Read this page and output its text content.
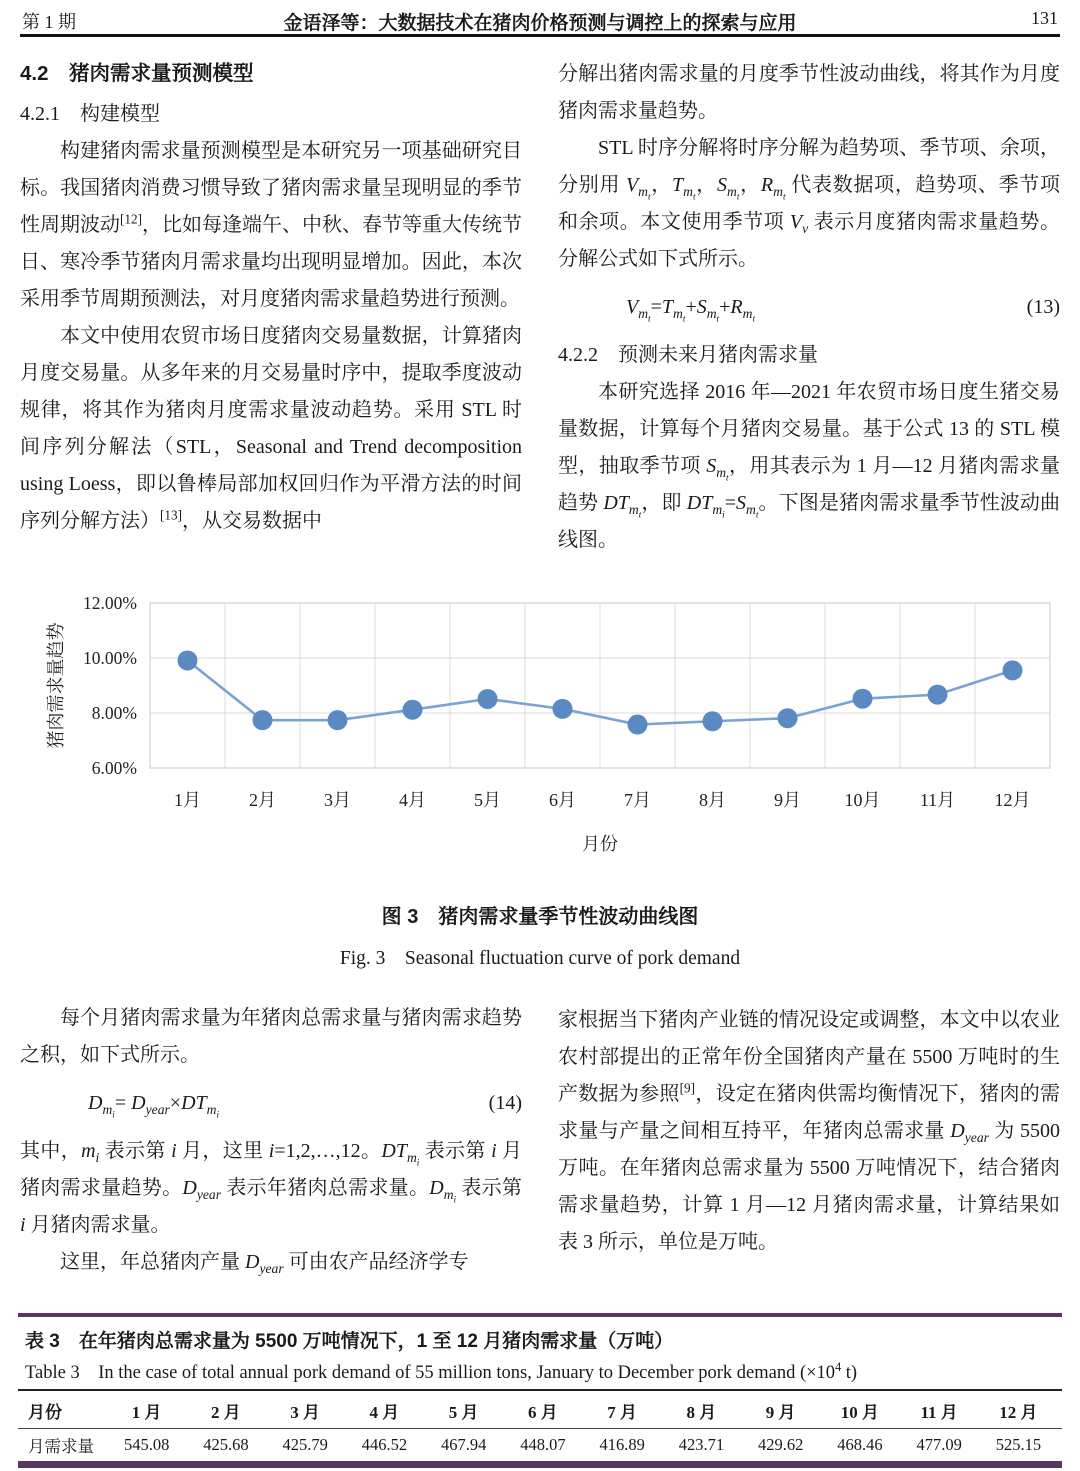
第 1 期	金语泽等：大数据技术在猪肉价格预测与调控上的探索与应用	131
4.2　猪肉需求量预测模型
4.2.1　构建模型
构建猪肉需求量预测模型是本研究另一项基础研究目标。我国猪肉消费习惯导致了猪肉需求量呈现明显的季节性周期波动[12]，比如每逢端午、中秋、春节等重大传统节日、寒冷季节猪肉月需求量均出现明显增加。因此，本次采用季节周期预测法，对月度猪肉需求量趋势进行预测。
本文中使用农贸市场日度猪肉交易量数据，计算猪肉月度交易量。从多年来的月交易量时序中，提取季度波动规律，将其作为猪肉月度需求量波动趋势。采用 STL 时间序列分解法（STL，Seasonal and Trend decomposition using Loess，即以鲁棒局部加权回归作为平滑方法的时间序列分解方法）[13]，从交易数据中
分解出猪肉需求量的月度季节性波动曲线，将其作为月度猪肉需求量趋势。
STL 时序分解将时序分解为趋势项、季节项、余项，分别用 $V_{m_t}$，$T_{m_t}$，$S_{m_t}$，$R_{m_t}$ 代表数据项，趋势项、季节项和余项。本文使用季节项 $V_v$ 表示月度猪肉需求量趋势。分解公式如下式所示。
$V_{m_t}=T_{m_t}+S_{m_t}+R_{m_t}$
(13)
4.2.2　预测未来月猪肉需求量
本研究选择 2016 年—2021 年农贸市场日度生猪交易量数据，计算每个月猪肉交易量。基于公式 13 的 STL 模型，抽取季节项 $S_{m_t}$，用其表示为 1 月—12 月猪肉需求量趋势 $DT_{m_t}$，即 $DT_{m_i}=S_{m_t}$。下图是猪肉需求量季节性波动曲线图。
6.00%
8.00%
10.00%
12.00%
1月	2月	3月	4月	5月	6月	7月	8月	9月 10月 11月 12月
月份
猪肉需求量趋势
图 3　猪肉需求量季节性波动曲线图
Fig. 3　Seasonal fluctuation curve of pork demand
每个月猪肉需求量为年猪肉总需求量与猪肉需求趋势之积，如下式所示。
$D_{m_i}= D_{year}\times DT_{m_i}$
(14)
其中，$m_i$ 表示第 i 月，这里 i=1,2,…,12。$DT_{m_i}$ 表示第 i 月猪肉需求量趋势。$D_{year}$ 表示年猪肉总需求量。$D_{m_i}$ 表示第 i 月猪肉需求量。
这里，年总猪肉产量 $D_{year}$ 可由农产品经济学专
家根据当下猪肉产业链的情况设定或调整，本文中以农业农村部提出的正常年份全国猪肉产量在 5500 万吨时的生产数据为参照[9]，设定在猪肉供需均衡情况下，猪肉的需求量与产量之间相互持平，年猪肉总需求量 $D_{year}$ 为 5500 万吨。在年猪肉总需求量为 5500 万吨情况下，结合猪肉需求量趋势，计算 1 月—12 月猪肉需求量，计算结果如表 3 所示，单位是万吨。
表 3　在年猪肉总需求量为 5500 万吨情况下，1 至 12 月猪肉需求量（万吨）
Table 3　In the case of total annual pork demand of 55 million tons, January to December pork demand (×10$^4$ t)
月份	1 月	2 月	3 月	4 月	5 月	6 月	7 月	8 月	9 月	10 月	11 月	12 月
月需求量	545.08	425.68	425.79	446.52	467.94	448.07	416.89	423.71	429.62	468.46	477.09	525.15
